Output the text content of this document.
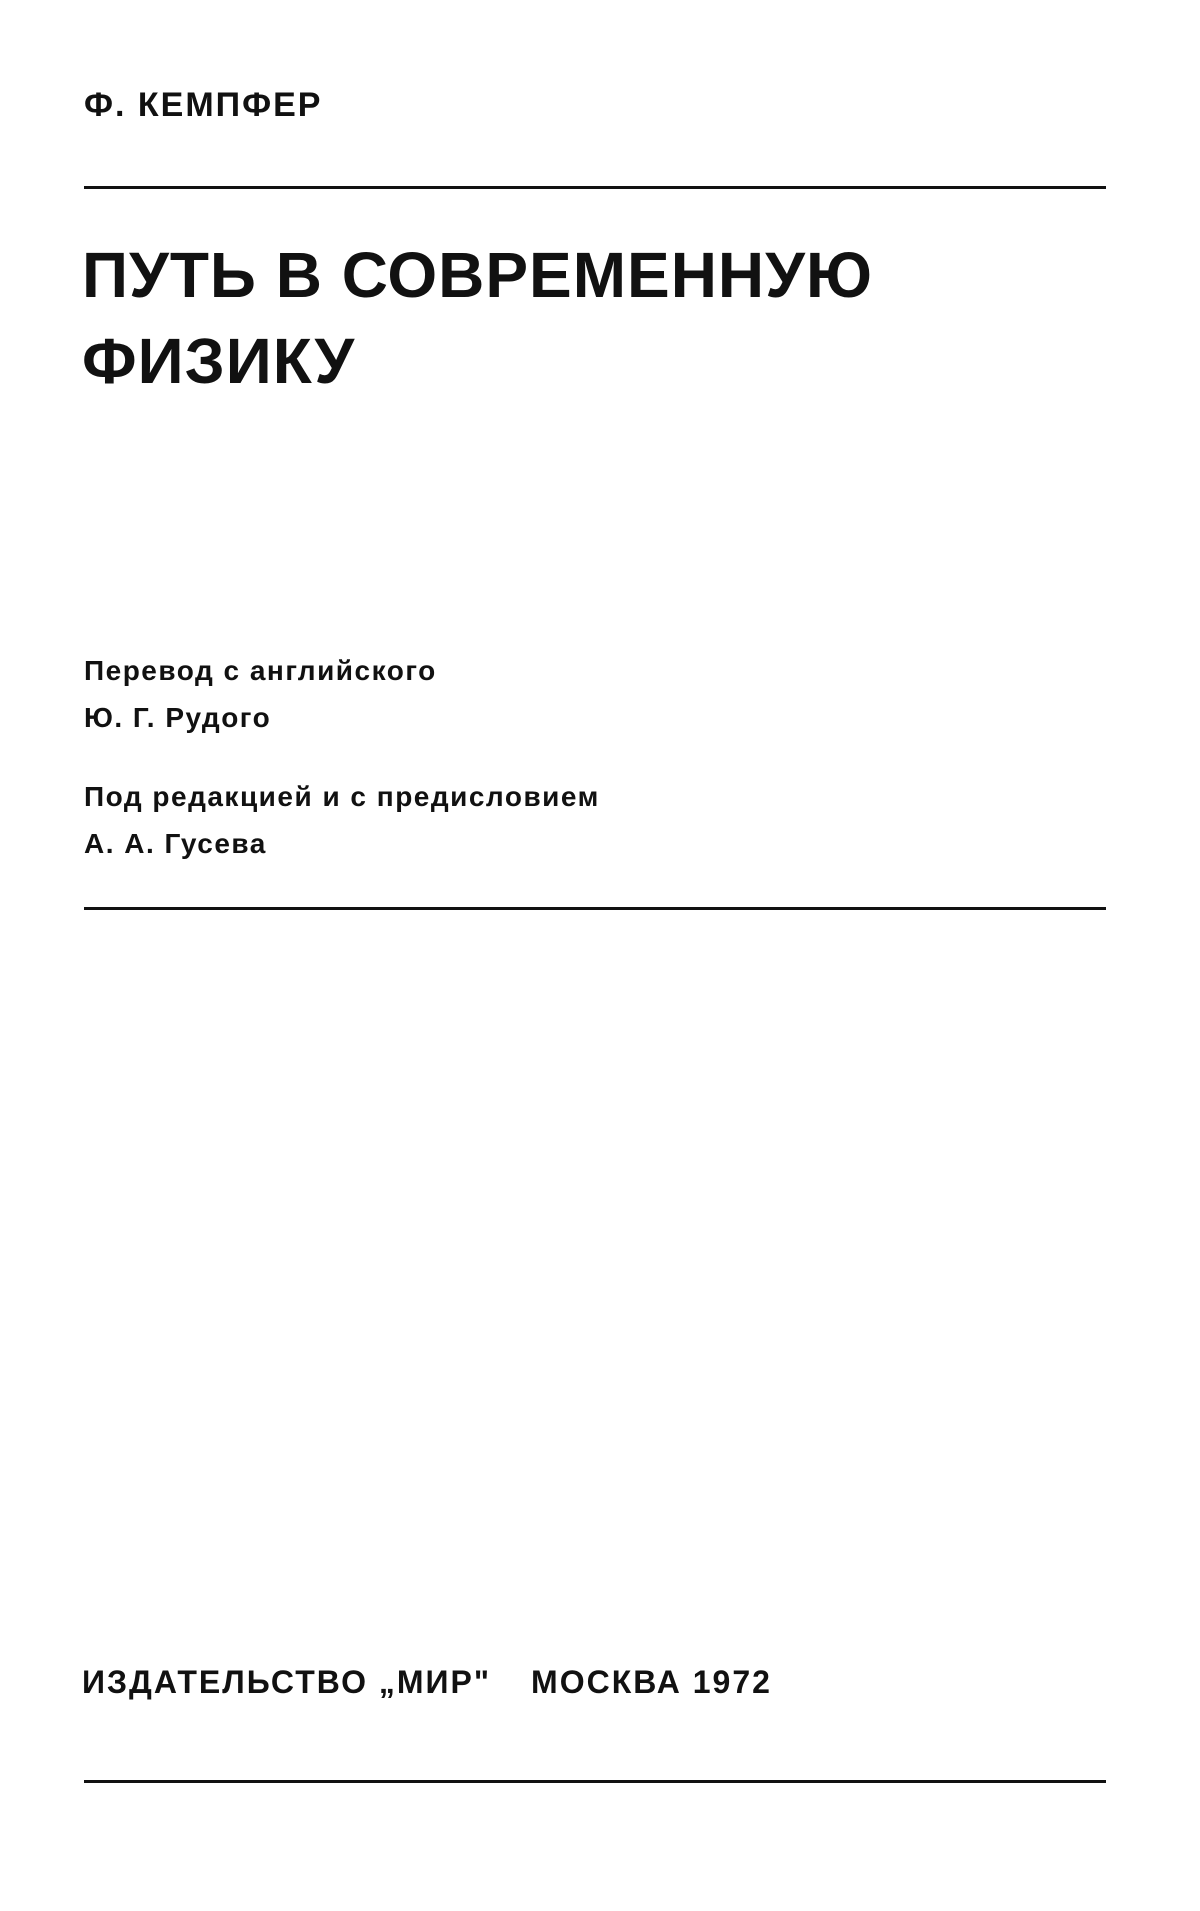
Ф. КЕМПФЕР
ПУТЬ В СОВРЕМЕННУЮ
ФИЗИКУ
Перевод с английского
Ю. Г. Рудого
Под редакцией и с предисловием
А. А. Гусева
ИЗДАТЕЛЬСТВО „МИР" МОСКВА 1972
